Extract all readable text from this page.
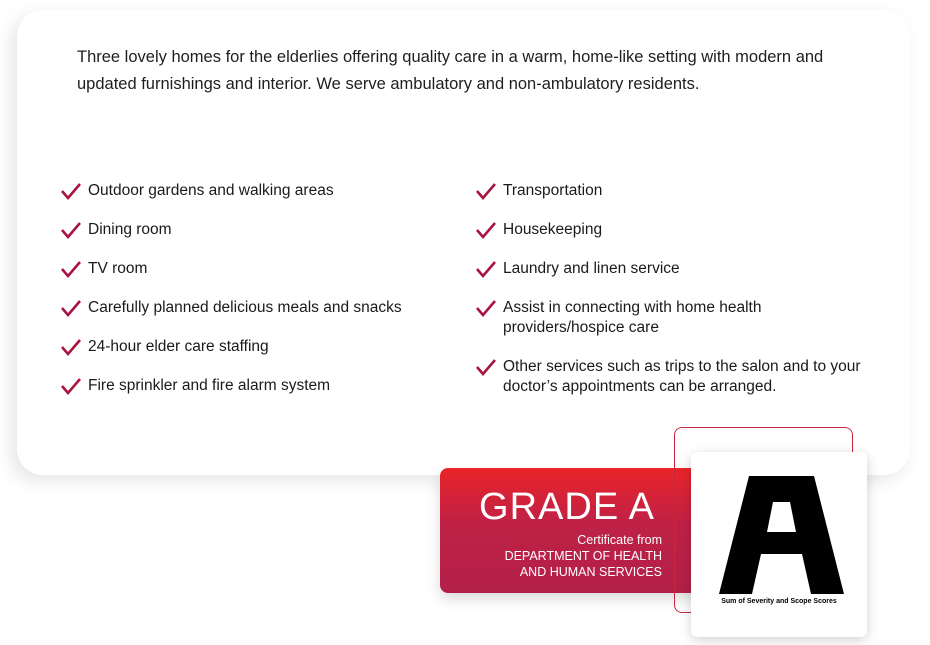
Three lovely homes for the elderlies offering quality care in a warm, home-like setting with modern and updated furnishings and interior. We serve ambulatory and non-ambulatory residents.

Outdoor gardens and walking areas
Dining room
TV room
Carefully planned delicious meals and snacks
24-hour elder care staffing
Fire sprinkler and fire alarm system
Transportation
Housekeeping
Laundry and linen service
Assist in connecting with home health providers/hospice care
Other services such as trips to the salon and to your doctor’s appointments can be arranged.
GRADE A
Certificate from
DEPARTMENT OF HEALTH
AND HUMAN SERVICES
Sum of Severity and Scope Scores
